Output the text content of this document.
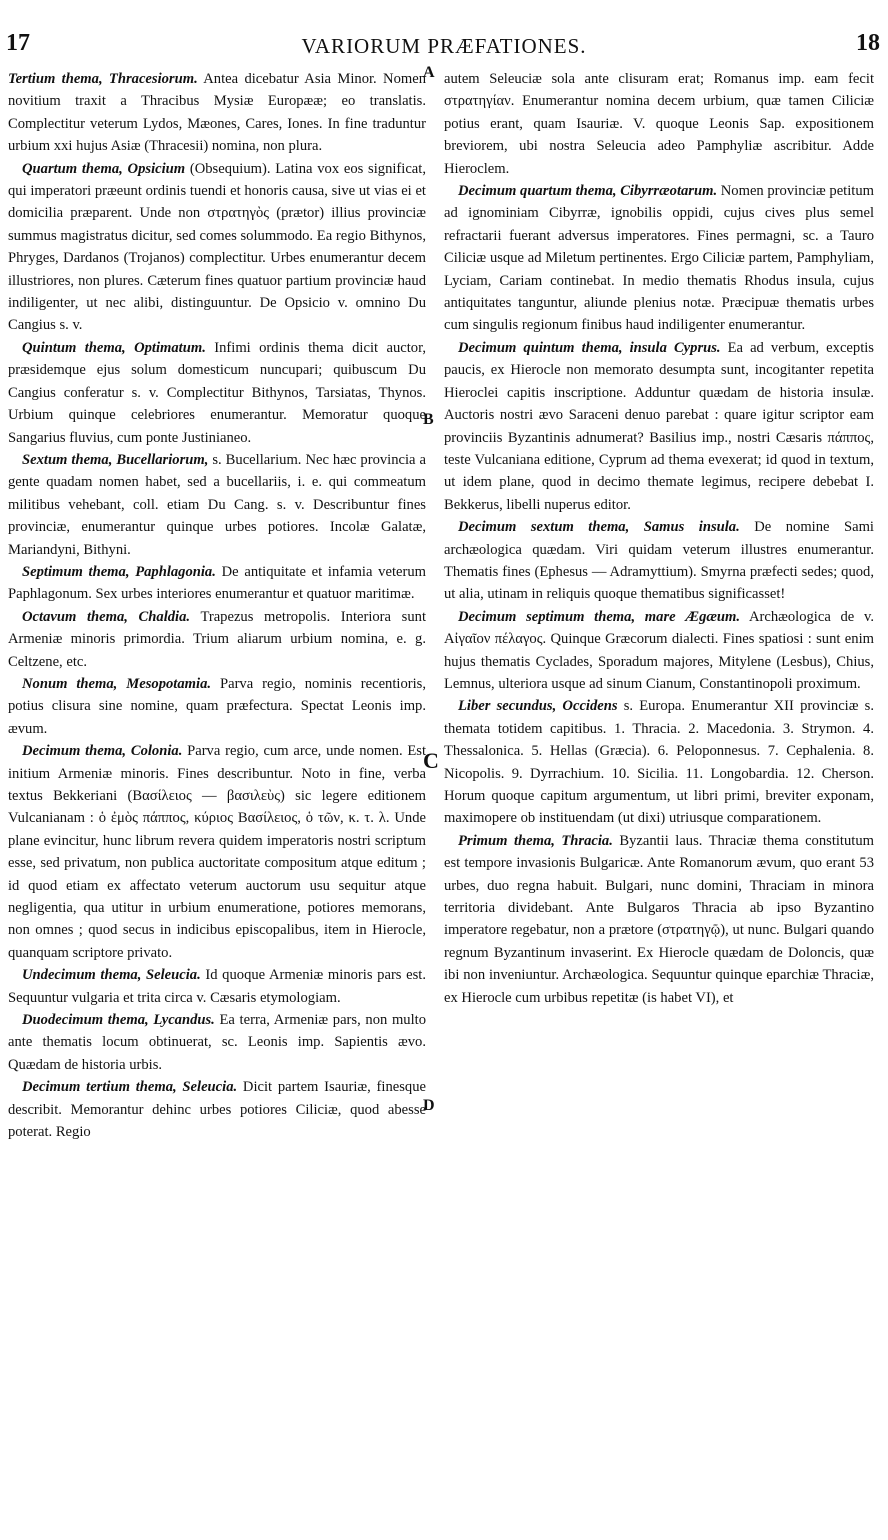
17	VARIORUM PRÆFATIONES.	18

Tertium thema, Thracesiorum. Antea dicebatur Asia Minor. Nomen novitium traxit a Thracibus Mysiæ Europææ; eo translatis. Complectitur veterum Lydos, Mæones, Cares, Iones. In fine traduntur urbium xxi hujus Asiæ (Thracesii) nomina, non plura.

Quartum thema, Opsicium (Obsequium). Latina vox eos significat, qui imperatori præeunt ordinis tuendi et honoris causa, sive ut vias ei et domicilia præparent. Unde non στρατηγὸς (prætor) illius provinciæ summus magistratus dicitur, sed comes solummodo. Ea regio Bithynos, Phryges, Dardanos (Trojanos) complectitur. Urbes enumerantur decem illustriores, non plures. Cæterum fines quatuor partium provinciæ haud indiligenter, ut nec alibi, distinguuntur. De Opsicio v. omnino Du Cangius s. v.

Quintum thema, Optimatum. Infimi ordinis thema dicit auctor, præsidemque ejus solum domesticum nuncupari; quibuscum Du Cangius conferatur s. v. Complectitur Bithynos, Tarsiatas, Thynos. Urbium quinque celebriores enumerantur. Memoratur quoque Sangarius fluvius, cum ponte Justinianeo.

Sextum thema, Bucellariorum, s. Bucellarium. Nec hæc provincia a gente quadam nomen habet, sed a bucellariis, i. e. qui commeatum militibus vehebant, coll. etiam Du Cang. s. v. Describuntur fines provinciæ, enumerantur quinque urbes potiores. Incolæ Galatæ, Mariandyni, Bithyni.

Septimum thema, Paphlagonia. De antiquitate et infamia veterum Paphlagonum. Sex urbes interiores enumerantur et quatuor maritimæ.

Octavum thema, Chaldia. Trapezus metropolis. Interiora sunt Armeniæ minoris primordia. Trium aliarum urbium nomina, e. g. Celtzene, etc.

Nonum thema, Mesopotamia. Parva regio, nominis recentioris, potius clisura sine nomine, quam præfectura. Spectat Leonis imp. ævum.

Decimum thema, Colonia. Parva regio, cum arce, unde nomen. Est initium Armeniæ minoris. Fines describuntur. Noto in fine, verba textus Bekkeriani (Βασίλειος — βασιλεὺς) sic legere editionem Vulcanianam : ὁ ἐμὸς πάππος, κύριος Βασίλειος, ὁ τῶν, κ. τ. λ. Unde plane evincitur, hunc librum revera quidem imperatoris nostri scriptum esse, sed privatum, non publica auctoritate compositum atque editum ; id quod etiam ex affectato veterum auctorum usu sequitur atque negligentia, qua utitur in urbium enumeratione, potiores memorans, non omnes ; quod secus in indicibus episcopalibus, item in Hierocle, quanquam scriptore privato.

Undecimum thema, Seleucia. Id quoque Armeniæ minoris pars est. Sequuntur vulgaria et trita circa v. Cæsaris etymologiam.

Duodecimum thema, Lycandus. Ea terra, Armeniæ pars, non multo ante thematis locum obtinuerat, sc. Leonis imp. Sapientis ævo. Quædam de historia urbis.

Decimum tertium thema, Seleucia. Dicit partem Isauriæ, finesque describit. Memorantur dehinc urbes potiores Ciliciæ, quod abesse poterat. Regio

autem Seleuciæ sola ante clisuram erat; Romanus imp. eam fecit στρατηγίαν. Enumerantur nomina decem urbium, quæ tamen Ciliciæ potius erant, quam Isauriæ. V. quoque Leonis Sap. expositionem breviorem, ubi nostra Seleucia adeo Pamphyliæ ascribitur. Adde Hieroclem.

Decimum quartum thema, Cibyrræotarum. Nomen provinciæ petitum ad ignominiam Cibyrræ, ignobilis oppidi, cujus cives plus semel refractarii fuerant adversus imperatores. Fines permagni, sc. a Tauro Ciliciæ usque ad Miletum pertinentes. Ergo Ciliciæ partem, Pamphyliam, Lyciam, Cariam continebat. In medio thematis Rhodus insula, cujus antiquitates tanguntur, aliunde plenius notæ. Præcipuæ thematis urbes cum singulis regionum finibus haud indiligenter enumerantur.

Decimum quintum thema, insula Cyprus. Ea ad verbum, exceptis paucis, ex Hierocle non memorato desumpta sunt, incogitanter repetita Hieroclei capitis inscriptione. Adduntur quædam de historia insulæ. Auctoris nostri ævo Saraceni denuo parebat : quare igitur scriptor eam provinciis Byzantinis adnumerat? Basilius imp., nostri Cæsaris πάππος, teste Vulcaniana editione, Cyprum ad thema evexerat; id quod in textum, ut idem plane, quod in decimo themate legimus, recipere debebat I. Bekkerus, libelli nuperus editor.

Decimum sextum thema, Samus insula. De nomine Sami archæologica quædam. Viri quidam veterum illustres enumerantur. Thematis fines (Ephesus — Adramyttium). Smyrna præfecti sedes; quod, ut alia, utinam in reliquis quoque thematibus significasset!

Decimum septimum thema, mare Ægæum. Archæologica de v. Αἰγαῖον πέλαγος. Quinque Græcorum dialecti. Fines spatiosi : sunt enim hujus thematis Cyclades, Sporadum majores, Mitylene (Lesbus), Chius, Lemnus, ulteriora usque ad sinum Cianum, Constantinopoli proximum.

Liber secundus, Occidens s. Europa. Enumerantur XII provinciæ s. themata totidem capitibus. 1. Thracia. 2. Macedonia. 3. Strymon. 4. Thessalonica. 5. Hellas (Græcia). 6. Peloponnesus. 7. Cephalenia. 8. Nicopolis. 9. Dyrrachium. 10. Sicilia. 11. Longobardia. 12. Cherson. Horum quoque capitum argumentum, ut libri primi, breviter exponam, maximopere ob instituendam (ut dixi) utriusque comparationem.

Primum thema, Thracia. Byzantii laus. Thraciæ thema constitutum est tempore invasionis Bulgaricæ. Ante Romanorum ævum, quo erant 53 urbes, duo regna habuit. Bulgari, nunc domini, Thraciam in minora territoria dividebant. Ante Bulgaros Thracia ab ipso Byzantino imperatore regebatur, non a prætore (στρατηγῷ), ut nunc. Bulgari quando regnum Byzantinum invaserint. Ex Hierocle quædam de Doloncis, quæ ibi non inveniuntur. Archæologica. Sequuntur quinque eparchiæ Thraciæ, ex Hierocle cum urbibus repetitæ (is habet VI), et

A
B
C
D
